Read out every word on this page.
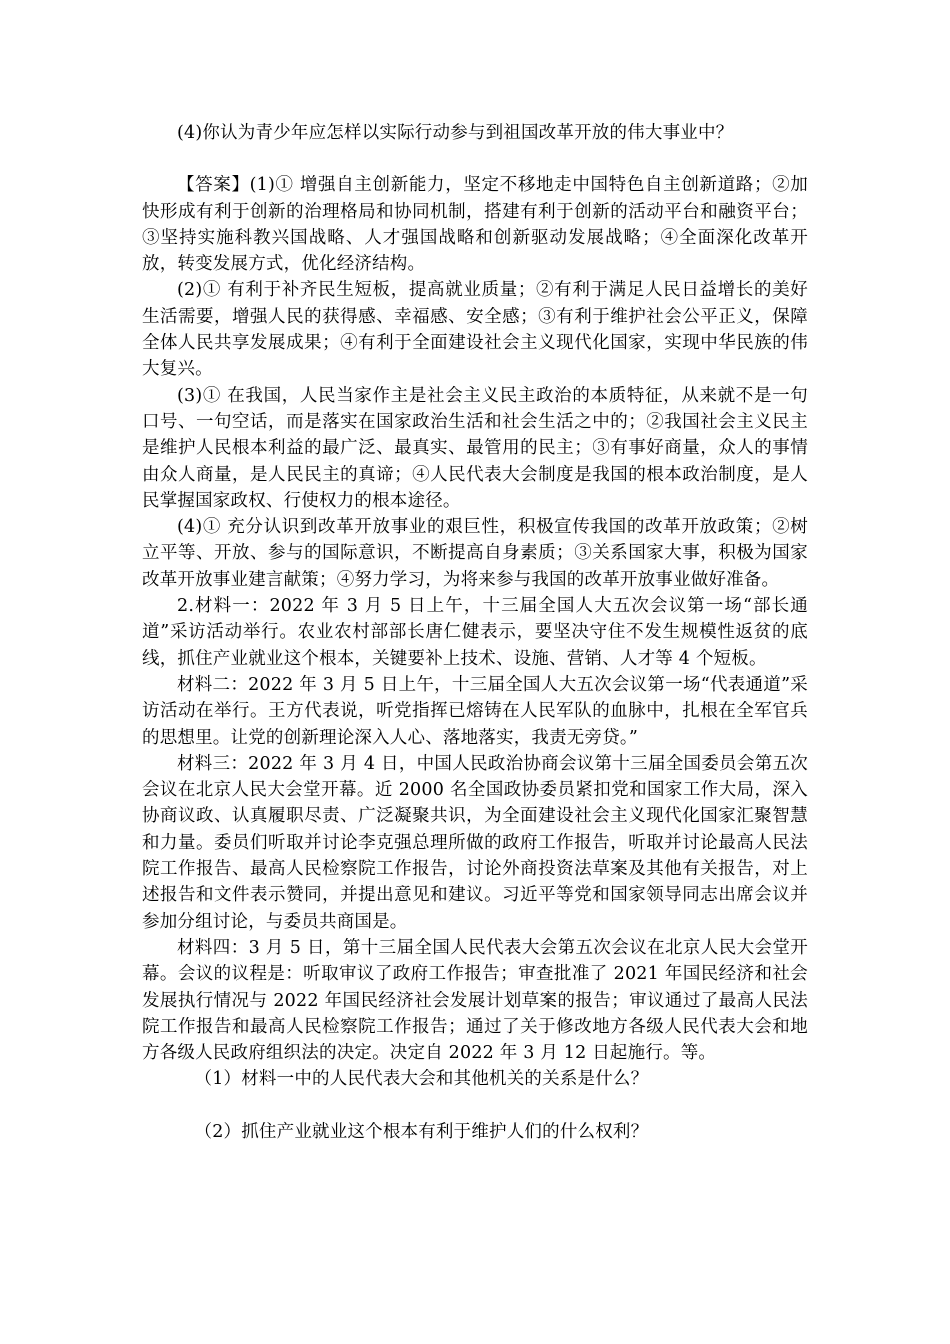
(4)你认为青少年应怎样以实际行动参与到祖国改革开放的伟大事业中？

【答案】(1)① 增强自主创新能力，坚定不移地走中国特色自主创新道路；②加快形成有利于创新的治理格局和协同机制，搭建有利于创新的活动平台和融资平台；③坚持实施科教兴国战略、人才强国战略和创新驱动发展战略；④全面深化改革开放，转变发展方式，优化经济结构。

(2)① 有利于补齐民生短板，提高就业质量；②有利于满足人民日益增长的美好生活需要，增强人民的获得感、幸福感、安全感；③有利于维护社会公平正义，保障全体人民共享发展成果；④有利于全面建设社会主义现代化国家，实现中华民族的伟大复兴。

(3)① 在我国，人民当家作主是社会主义民主政治的本质特征，从来就不是一句口号、一句空话，而是落实在国家政治生活和社会生活之中的；②我国社会主义民主是维护人民根本利益的最广泛、最真实、最管用的民主；③有事好商量，众人的事情由众人商量，是人民民主的真谛；④人民代表大会制度是我国的根本政治制度，是人民掌握国家政权、行使权力的根本途径。

(4)① 充分认识到改革开放事业的艰巨性，积极宣传我国的改革开放政策；②树立平等、开放、参与的国际意识，不断提高自身素质；③关系国家大事，积极为国家改革开放事业建言献策；④努力学习，为将来参与我国的改革开放事业做好准备。

2.材料一：2022 年 3 月 5 日上午，十三届全国人大五次会议第一场“部长通道”采访活动举行。农业农村部部长唐仁健表示，要坚决守住不发生规模性返贫的底线，抓住产业就业这个根本，关键要补上技术、设施、营销、人才等 4 个短板。

材料二：2022 年 3 月 5 日上午，十三届全国人大五次会议第一场“代表通道”采访活动在举行。王方代表说，听党指挥已熔铸在人民军队的血脉中，扎根在全军官兵的思想里。让党的创新理论深入人心、落地落实，我责无旁贷。”

材料三：2022 年 3 月 4 日，中国人民政治协商会议第十三届全国委员会第五次会议在北京人民大会堂开幕。近 2000 名全国政协委员紧扣党和国家工作大局，深入协商议政、认真履职尽责、广泛凝聚共识，为全面建设社会主义现代化国家汇聚智慧和力量。委员们听取并讨论李克强总理所做的政府工作报告，听取并讨论最高人民法院工作报告、最高人民检察院工作报告，讨论外商投资法草案及其他有关报告，对上述报告和文件表示赞同，并提出意见和建议。习近平等党和国家领导同志出席会议并参加分组讨论，与委员共商国是。

材料四：3 月 5 日，第十三届全国人民代表大会第五次会议在北京人民大会堂开幕。会议的议程是：听取审议了政府工作报告；审查批准了 2021 年国民经济和社会发展执行情况与 2022 年国民经济社会发展计划草案的报告；审议通过了最高人民法院工作报告和最高人民检察院工作报告；通过了关于修改地方各级人民代表大会和地方各级人民政府组织法的决定。决定自 2022 年 3 月 12 日起施行。等。

（1）材料一中的人民代表大会和其他机关的关系是什么？

（2）抓住产业就业这个根本有利于维护人们的什么权利？
